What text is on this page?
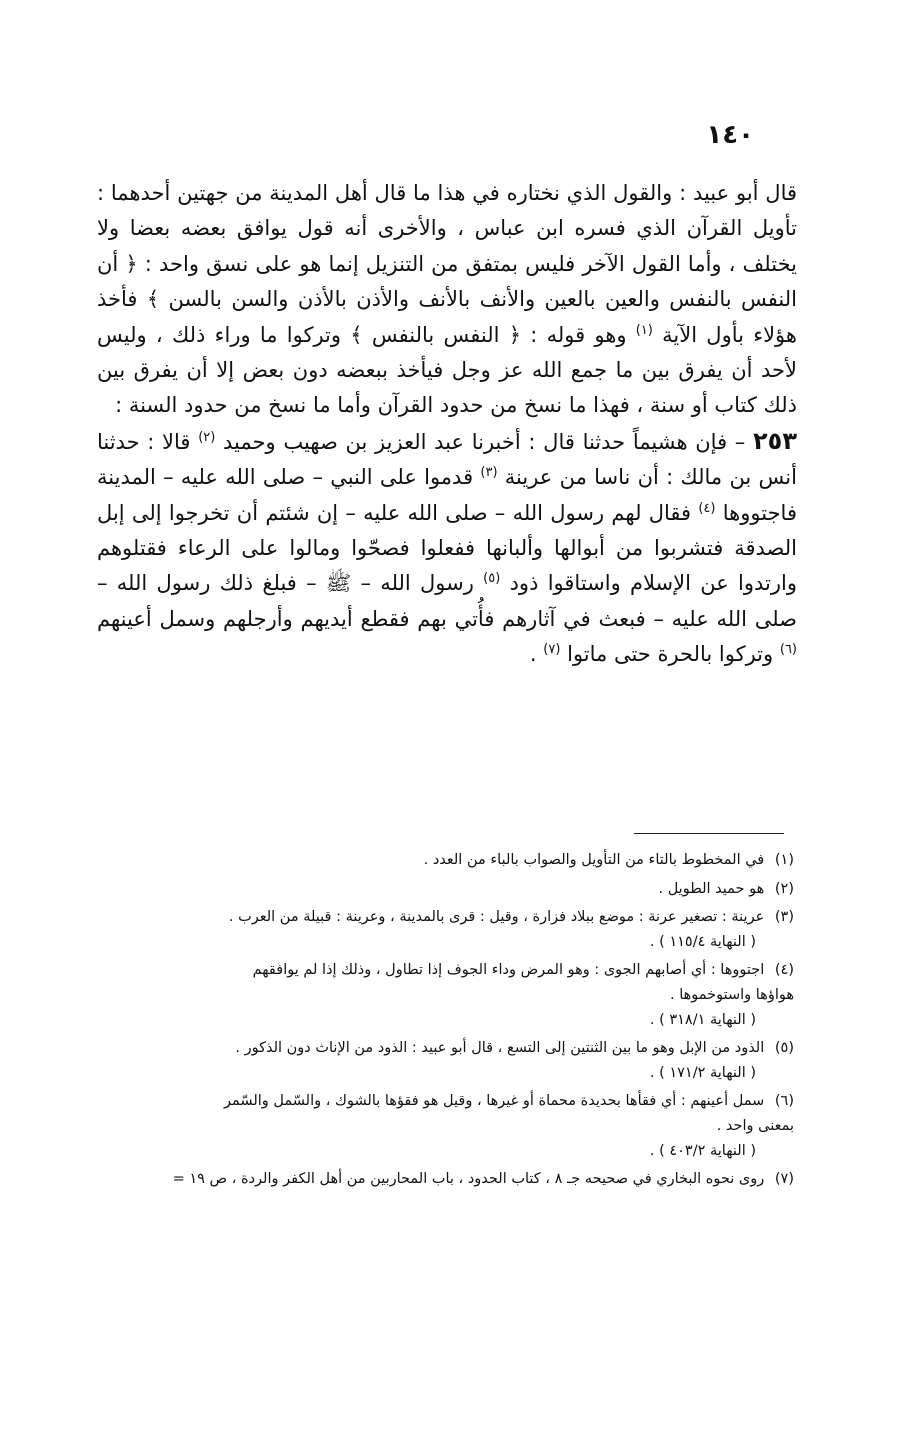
١٤٠

قال أبو عبيد : والقول الذي نختاره في هذا ما قال أهل المدينة من جهتين أحدهما : تأويل القرآن الذي فسره ابن عباس ، والأخرى أنه قول يوافق بعضه بعضا ولا يختلف ، وأما القول الآخر فليس بمتفق من التنزيل إنما هو على نسق واحد : ﴿ أن النفس بالنفس والعين بالعين والأنف بالأنف والأذن بالأذن والسن بالسن ﴾ فأخذ هؤلاء بأول الآية $^{(١)}$ وهو قوله : ﴿ النفس بالنفس ﴾ وتركوا ما وراء ذلك ، وليس لأحد أن يفرق بين ما جمع الله عز وجل فيأخذ ببعضه دون بعض إلا أن يفرق بين ذلك كتاب أو سنة ، فهذا ما نسخ من حدود القرآن وأما ما نسخ من حدود السنة :

٢٥٣ – فإن هشيماً حدثنا قال : أخبرنا عبد العزيز بن صهيب وحميد $^{(٢)}$ قالا : حدثنا أنس بن مالك : أن ناسا من عرينة $^{(٣)}$ قدموا على النبي – صلى الله عليه – المدينة فاجتووها $^{(٤)}$ فقال لهم رسول الله – صلى الله عليه – إن شئتم أن تخرجوا إلى إبل الصدقة فتشربوا من أبوالها وألبانها ففعلوا فصحّوا ومالوا على الرعاء فقتلوهم وارتدوا عن الإسلام واستاقوا ذود $^{(٥)}$ رسول الله – ﷺ – فبلغ ذلك رسول الله – صلى الله عليه – فبعث في آثارهم فأُتي بهم فقطع أيديهم وأرجلهم وسمل أعينهم $^{(٦)}$ وتركوا بالحرة حتى ماتوا $^{(٧)}$ .

(١) في المخطوط بالتاء من التأويل والصواب بالباء من العدد .
(٢) هو حميد الطويل .
(٣) عرينة : تصغير عرنة : موضع ببلاد فزارة ، وقيل : قرى بالمدينة ، وعرينة : قبيلة من العرب .
( النهاية ١١٥/٤ ) .
(٤) اجتووها : أي أصابهم الجوى : وهو المرض وداء الجوف إذا تطاول ، وذلك إذا لم يوافقهم
هواؤها واستوخموها .
( النهاية ٣١٨/١ ) .
(٥) الذود من الإبل وهو ما بين الثنتين إلى التسع ، قال أبو عبيد : الذود من الإناث دون الذكور .
( النهاية ١٧١/٢ ) .
(٦) سمل أعينهم : أي فقأها بحديدة محماة أو غيرها ، وقيل هو فقؤها بالشوك ، والسّمل والسّمر
بمعنى واحد .
( النهاية ٤٠٣/٢ ) .
(٧) روى نحوه البخاري في صحيحه جـ ٨ ، كتاب الحدود ، باب المحاربين من أهل الكفر والردة ، ص ١٩ =
